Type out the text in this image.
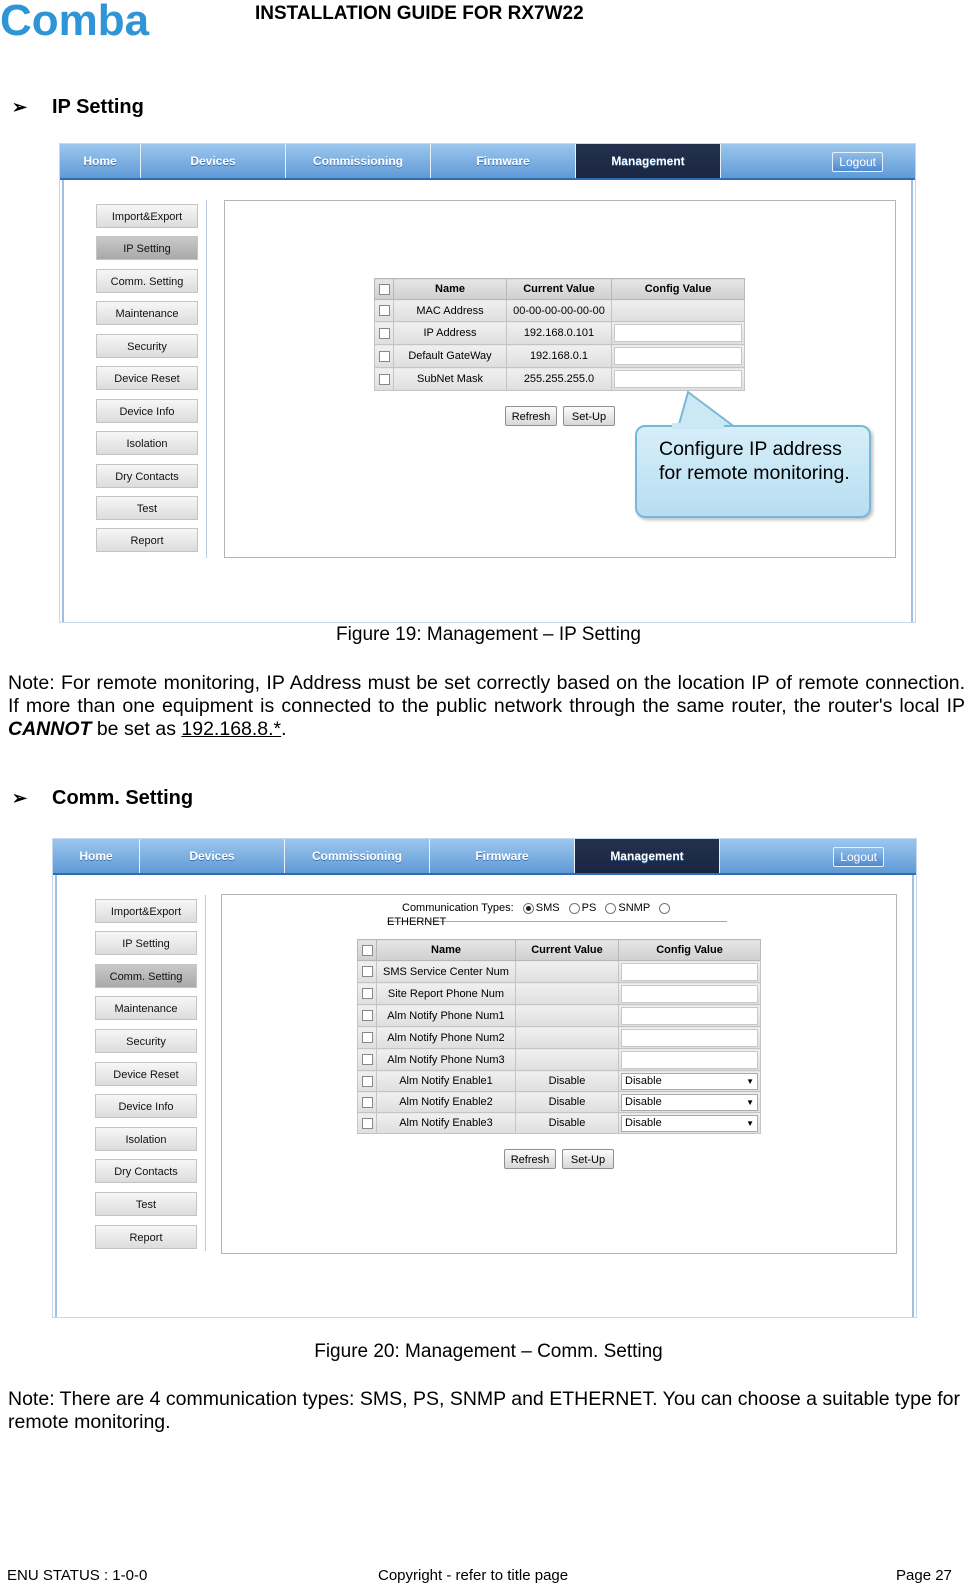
Comba	INSTALLATION GUIDE FOR RX7W22
➢ IP Setting
Home	Devices	Commissioning	Firmware	Management	Logout
Import&Export
IP Setting
Comm. Setting
Maintenance
Security
Device Reset
Device Info
Isolation
Dry Contacts
Test
Report
	Name	Current Value	Config Value
	MAC Address	00-00-00-00-00-00	
	IP Address	192.168.0.101	

	Default GateWay	192.168.0.1	

	SubNet Mask	255.255.255.0	
Refresh	Set-Up
Configure IP address for remote monitoring.
Figure 19: Management – IP Setting
Note: For remote monitoring, IP Address must be set correctly based on the location IP of remote connection. If more than one equipment is connected to the public network through the same router, the router's local IP CANNOT be set as 192.168.8.*.
➢ Comm. Setting
Home	Devices	Commissioning	Firmware	Management	Logout
Import&Export
IP Setting
Comm. Setting
Maintenance
Security
Device Reset
Device Info
Isolation
Dry Contacts
Test
Report
Communication Types: SMS PS SNMP ETHERNET
	Name	Current Value	Config Value
	SMS Service Center Num		

	Site Report Phone Num		

	Alm Notify Phone Num1		

	Alm Notify Phone Num2		

	Alm Notify Phone Num3		

	Alm Notify Enable1	Disable	Disable ▼

	Alm Notify Enable2	Disable	Disable ▼

	Alm Notify Enable3	Disable	Disable ▼
Refresh	Set-Up
Figure 20: Management – Comm. Setting
Note: There are 4 communication types: SMS, PS, SNMP and ETHERNET. You can choose a suitable type for remote monitoring.
ENU STATUS : 1-0-0	Copyright - refer to title page	Page 27
